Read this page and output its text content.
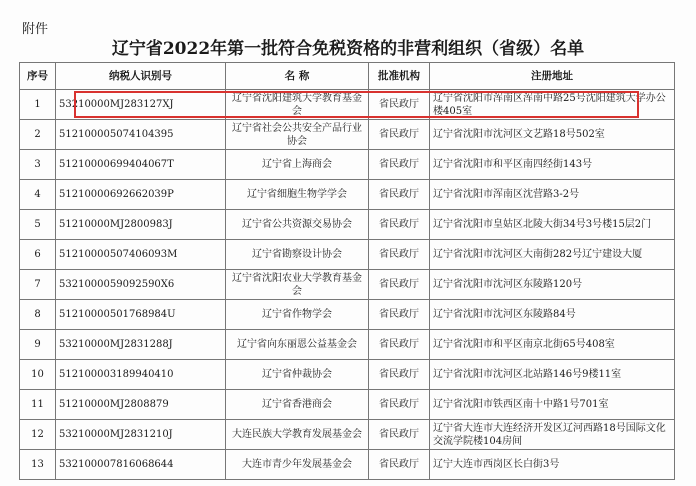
附件
辽宁省2022年第一批符合免税资格的非营利组织（省级）名单
序号	纳税人识别号	名 称	批准机构	注册地址
1	53210000MJ283127XJ	辽宁省沈阳建筑大学教育基金会	省民政厅	辽宁省沈阳市浑南区浑南中路25号沈阳建筑大学办公楼405室
2	51210000507410439​5	辽宁省社会公共安全产品行业协会	省民政厅	辽宁省沈阳市沈河区文艺路18号502室
3	51210000699404067T	辽宁省上海商会	省民政厅	辽宁省沈阳市和平区南四经街143号
4	51210000692662039P	辽宁省细胞生物学学会	省民政厅	辽宁省沈阳市浑南区沈营路3-2号
5	51210000MJ2800983J	辽宁省公共资源交易协会	省民政厅	辽宁省沈阳市皇姑区北陵大街34号3号楼15层2门
6	51210000507406093M	辽宁省勘察设计协会	省民政厅	辽宁省沈阳市沈河区大南街282号辽宁建设大厦
7	53210000590925​90X6	辽宁省沈阳农业大学教育基金会	省民政厅	辽宁省沈阳市沈河区东陵路120号
8	51210000501768984U	辽宁省作物学会	省民政厅	辽宁省沈阳市沈河区东陵路84号
9	53210000MJ2831288J	辽宁省向东丽恩公益基金会	省民政厅	辽宁省沈阳市和平区南京北街65号408室
10	51210000318994041​0	辽宁省仲裁协会	省民政厅	辽宁省沈阳市沈河区北站路146号9楼11室
11	51210000MJ2808879	辽宁省香港商会	省民政厅	辽宁省沈阳市铁西区南十中路1号701室
12	53210000MJ2831210J	大连民族大学教育发展基金会	省民政厅	辽宁省大连市大连经济开发区辽河西路18号国际文化交流学院楼104房间
13	53210000781606864​4	大连市青少年发展基金会	省民政厅	辽宁大连市西岗区长白街3号
